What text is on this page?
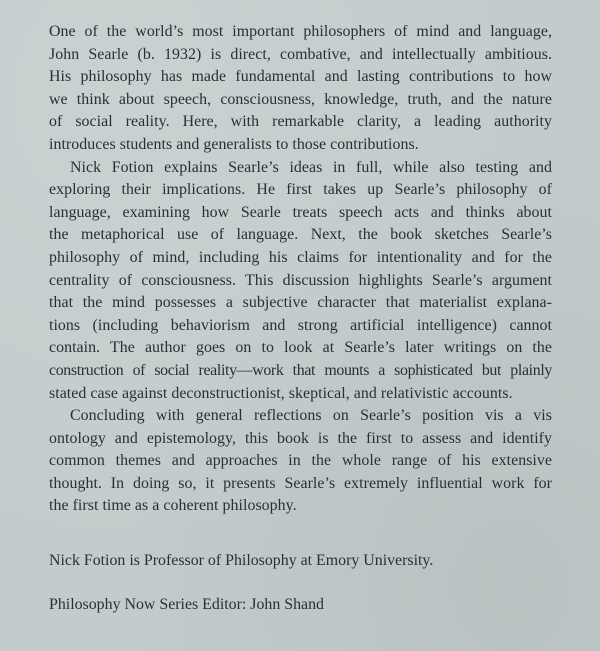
One of the world’s most important philosophers of mind and language,
John Searle (b. 1932) is direct, combative, and intellectually ambitious.
His philosophy has made fundamental and lasting contributions to how
we think about speech, consciousness, knowledge, truth, and the nature
of social reality. Here, with remarkable clarity, a leading authority
introduces students and generalists to those contributions.
Nick Fotion explains Searle’s ideas in full, while also testing and
exploring their implications. He first takes up Searle’s philosophy of
language, examining how Searle treats speech acts and thinks about
the metaphorical use of language. Next, the book sketches Searle’s
philosophy of mind, including his claims for intentionality and for the
centrality of consciousness. This discussion highlights Searle’s argument
that the mind possesses a subjective character that materialist explana-
tions (including behaviorism and strong artificial intelligence) cannot
contain. The author goes on to look at Searle’s later writings on the
construction of social reality—work that mounts a sophisticated but plainly
stated case against deconstructionist, skeptical, and relativistic accounts.
Concluding with general reflections on Searle’s position vis a vis
ontology and epistemology, this book is the first to assess and identify
common themes and approaches in the whole range of his extensive
thought. In doing so, it presents Searle’s extremely influential work for
the first time as a coherent philosophy.
Nick Fotion is Professor of Philosophy at Emory University.
Philosophy Now Series Editor: John Shand
